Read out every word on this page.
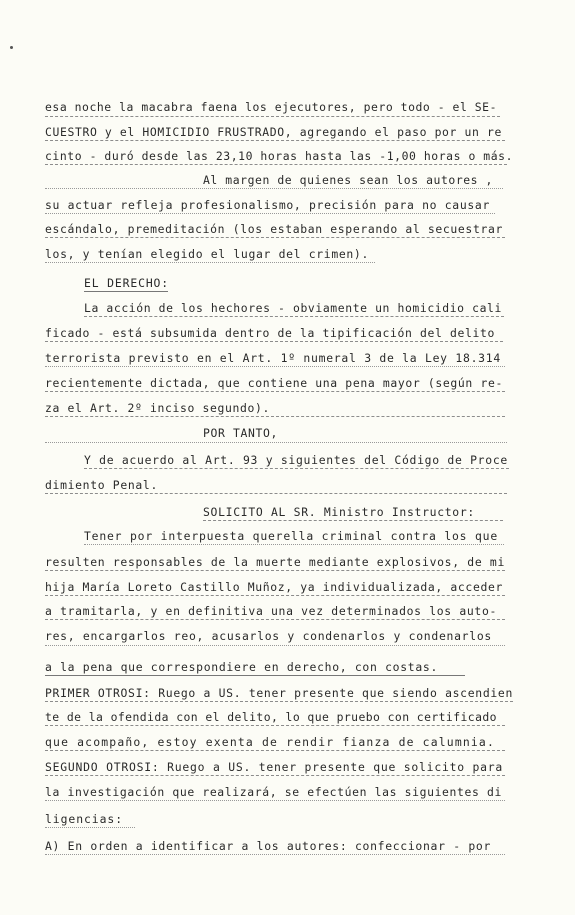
esa noche la macabra faena los ejecutores, pero todo - el SE-
CUESTRO y el HOMICIDIO FRUSTRADO, agregando el paso por un re
cinto - duró desde las 23,10 horas hasta las -1,00 horas o más.
Al margen de quienes sean los autores ,
su actuar refleja profesionalismo, precisión para no causar
escándalo, premeditación (los estaban esperando al secuestrar
los, y tenían elegido el lugar del crimen).
EL DERECHO:
La acción de los hechores - obviamente un homicidio cali
ficado - está subsumida dentro de la tipificación del delito
terrorista previsto en el Art. 1º numeral 3 de la Ley 18.314
recientemente dictada, que contiene una pena mayor (según re-
za el Art. 2º inciso segundo).
POR TANTO,
Y de acuerdo al Art. 93 y siguientes del Código de Proce
dimiento Penal.
SOLICITO AL SR. Ministro Instructor:
Tener por interpuesta querella criminal contra los que
resulten responsables de la muerte mediante explosivos, de mi
hija María Loreto Castillo Muñoz, ya individualizada, acceder
a tramitarla, y en definitiva una vez determinados los auto-
res, encargarlos reo, acusarlos y condenarlos y condenarlos
a la pena que correspondiere en derecho, con costas.
PRIMER OTROSI: Ruego a US. tener presente que siendo ascendien
te de la ofendida con el delito, lo que pruebo con certificado
que acompaño, estoy exenta de rendir fianza de calumnia.
SEGUNDO OTROSI: Ruego a US. tener presente que solicito para
la investigación que realizará, se efectúen las siguientes di
ligencias:
A) En orden a identificar a los autores: confeccionar - por
